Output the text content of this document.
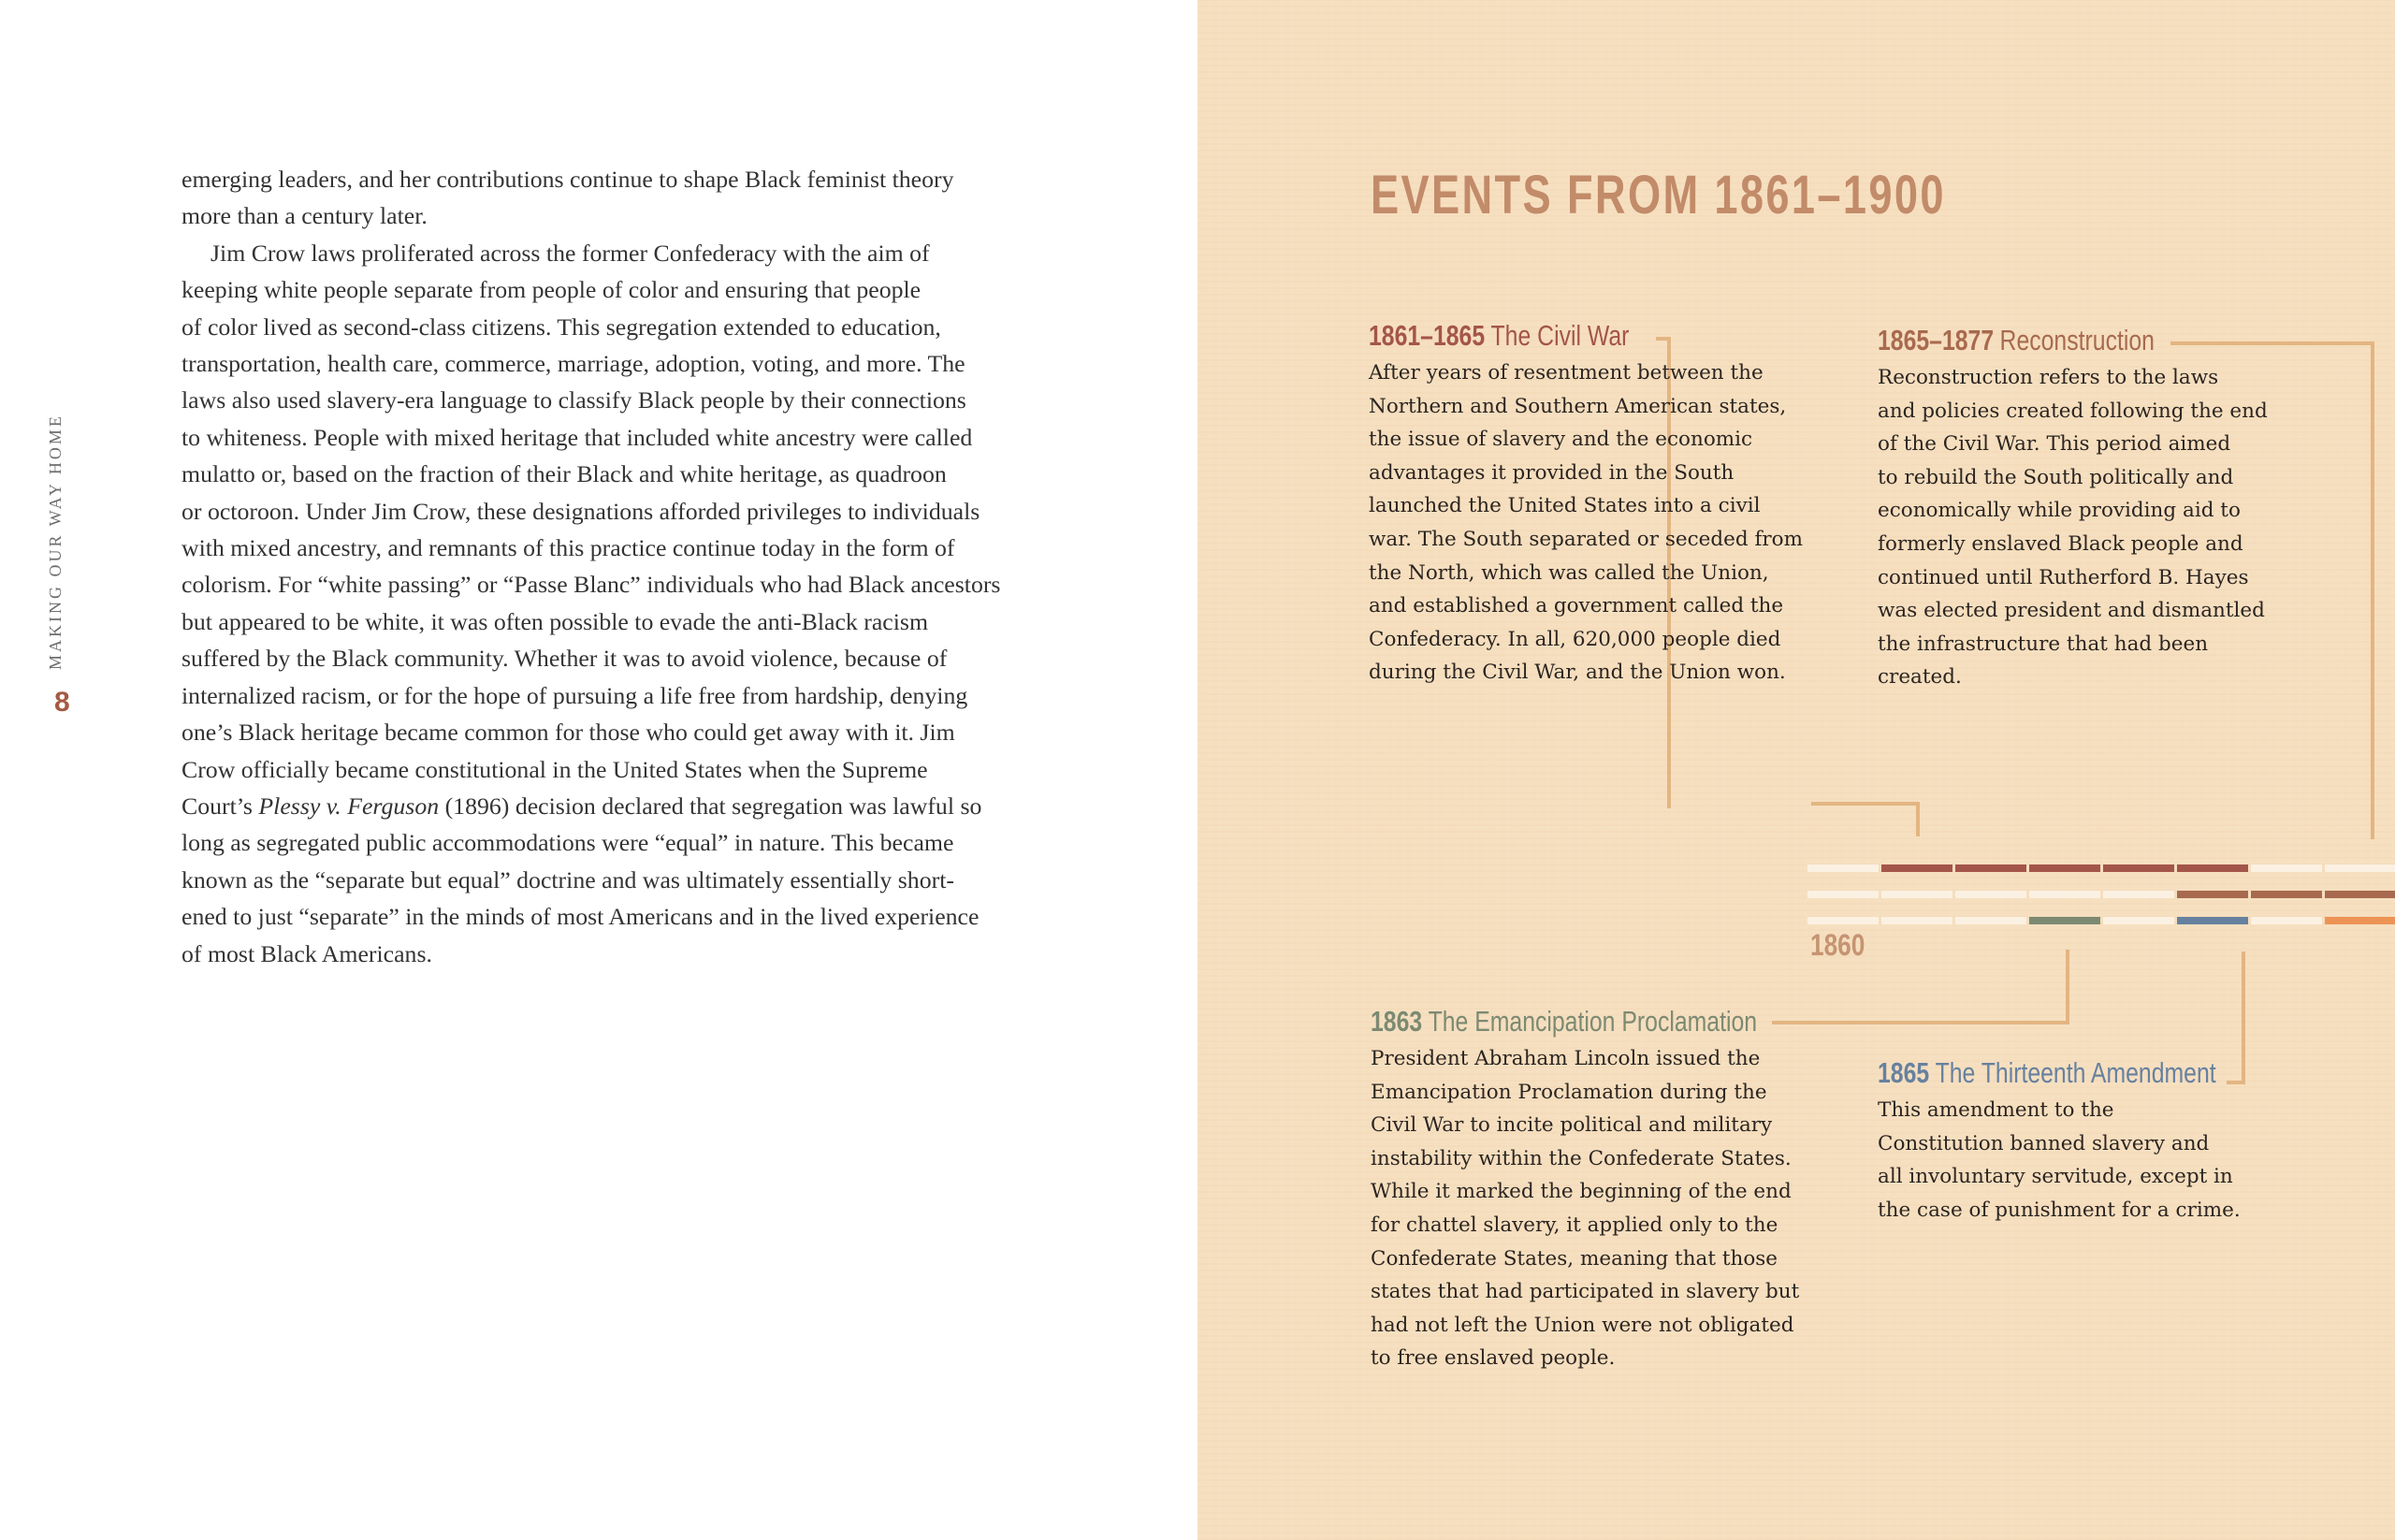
MAKING OUR WAY HOME
8
emerging leaders, and her contributions continue to shape Black feminist theory
more than a century later.
Jim Crow laws proliferated across the former Confederacy with the aim of
keeping white people separate from people of color and ensuring that people
of color lived as second-class citizens. This segregation extended to education,
transportation, health care, commerce, marriage, adoption, voting, and more. The
laws also used slavery-era language to classify Black people by their connections
to whiteness. People with mixed heritage that included white ancestry were called
mulatto or, based on the fraction of their Black and white heritage, as quadroon
or octoroon. Under Jim Crow, these designations afforded privileges to individuals
with mixed ancestry, and remnants of this practice continue today in the form of
colorism. For “white passing” or “Passe Blanc” individuals who had Black ancestors
but appeared to be white, it was often possible to evade the anti-Black racism
suffered by the Black community. Whether it was to avoid violence, because of
internalized racism, or for the hope of pursuing a life free from hardship, denying
one’s Black heritage became common for those who could get away with it. Jim
Crow officially became constitutional in the United States when the Supreme
Court’s Plessy v. Ferguson (1896) decision declared that segregation was lawful so
long as segregated public accommodations were “equal” in nature. This became
known as the “separate but equal” doctrine and was ultimately essentially short-
ened to just “separate” in the minds of most Americans and in the lived experience
of most Black Americans.
EVENTS FROM 1861–1900
1860
1861–1865 The Civil War
After years of resentment between the
Northern and Southern American states,
the issue of slavery and the economic
advantages it provided in the South
launched the United States into a civil
war. The South separated or seceded from
the North, which was called the Union,
and established a government called the
Confederacy. In all, 620,000 people died
during the Civil War, and the Union won.
1865–1877 Reconstruction
Reconstruction refers to the laws
and policies created following the end
of the Civil War. This period aimed
to rebuild the South politically and
economically while providing aid to
formerly enslaved Black people and
continued until Rutherford B. Hayes
was elected president and dismantled
the infrastructure that had been
created.
1863 The Emancipation Proclamation
President Abraham Lincoln issued the
Emancipation Proclamation during the
Civil War to incite political and military
instability within the Confederate States.
While it marked the beginning of the end
for chattel slavery, it applied only to the
Confederate States, meaning that those
states that had participated in slavery but
had not left the Union were not obligated
to free enslaved people.
1865 The Thirteenth Amendment
This amendment to the
Constitution banned slavery and
all involuntary servitude, except in
the case of punishment for a crime.
